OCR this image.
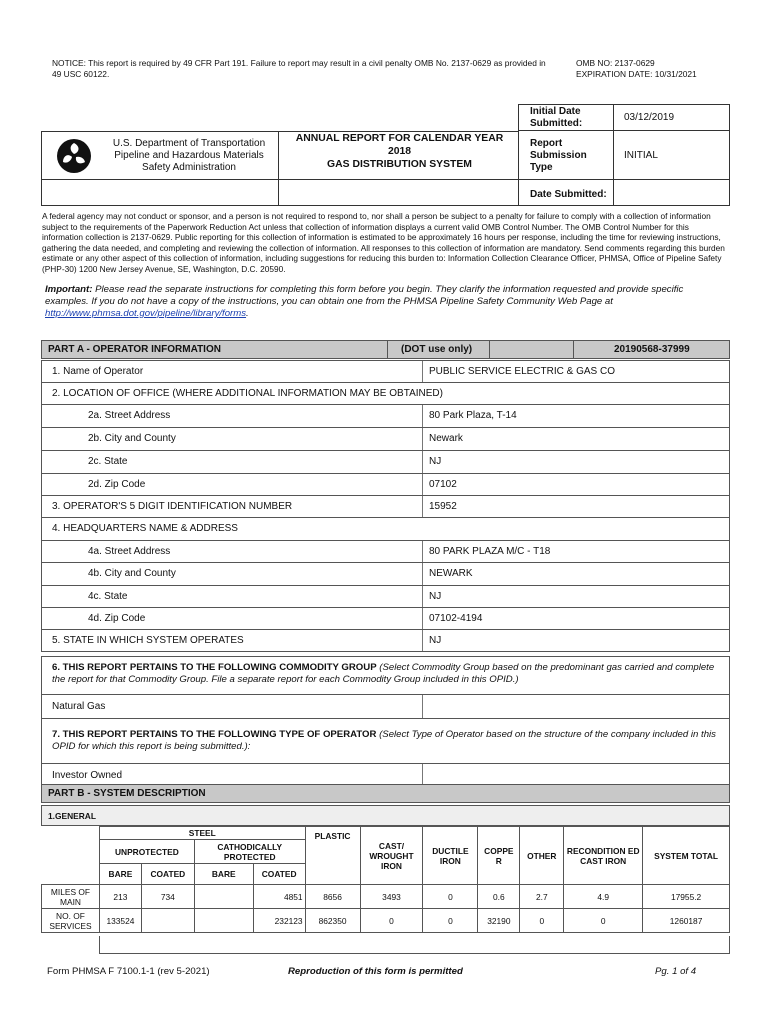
NOTICE: This report is required by 49 CFR Part 191. Failure to report may result in a civil penalty OMB No. 2137-0629 as provided in 49 USC 60122.
OMB NO: 2137-0629
EXPIRATION DATE: 10/31/2021
U.S. Department of Transportation
Pipeline and Hazardous Materials
Safety Administration
ANNUAL REPORT FOR CALENDAR YEAR
2018
GAS DISTRIBUTION SYSTEM
Initial Date Submitted:
03/12/2019
Report Submission Type
INITIAL
Date Submitted:
A federal agency may not conduct or sponsor, and a person is not required to respond to, nor shall a person be subject to a penalty for failure to comply with a collection of information subject to the requirements of the Paperwork Reduction Act unless that collection of information displays a current valid OMB Control Number. The OMB Control Number for this information collection is 2137-0629. Public reporting for this collection of information is estimated to be approximately 16 hours per response, including the time for reviewing instructions, gathering the data needed, and completing and reviewing the collection of information. All responses to this collection of information are mandatory. Send comments regarding this burden estimate or any other aspect of this collection of information, including suggestions for reducing this burden to: Information Collection Clearance Officer, PHMSA, Office of Pipeline Safety (PHP-30) 1200 New Jersey Avenue, SE, Washington, D.C. 20590.
Important: Please read the separate instructions for completing this form before you begin. They clarify the information requested and provide specific examples. If you do not have a copy of the instructions, you can obtain one from the PHMSA Pipeline Safety Community Web Page at http://www.phmsa.dot.gov/pipeline/library/forms.
PART A - OPERATOR INFORMATION	(DOT use only)	20190568-37999
1. Name of Operator	PUBLIC SERVICE ELECTRIC & GAS CO
2. LOCATION OF OFFICE (WHERE ADDITIONAL INFORMATION MAY BE OBTAINED)
2a. Street Address	80 Park Plaza, T-14
2b. City and County	Newark
2c. State	NJ
2d. Zip Code	07102
3. OPERATOR'S 5 DIGIT IDENTIFICATION NUMBER	15952
4. HEADQUARTERS NAME & ADDRESS
4a. Street Address	80 PARK PLAZA M/C - T18
4b. City and County	NEWARK
4c. State	NJ
4d. Zip Code	07102-4194
5. STATE IN WHICH SYSTEM OPERATES	NJ
6. THIS REPORT PERTAINS TO THE FOLLOWING COMMODITY GROUP (Select Commodity Group based on the predominant gas carried and complete the report for that Commodity Group. File a separate report for each Commodity Group included in this OPID.)
Natural Gas
7. THIS REPORT PERTAINS TO THE FOLLOWING TYPE OF OPERATOR (Select Type of Operator based on the structure of the company included in this OPID for which this report is being submitted.):
Investor Owned
PART B - SYSTEM DESCRIPTION
1.GENERAL
	STEEL				PLASTIC	CAST/ WROUGHT IRON	DUCTILE IRON	COPPE R	OTHER	RECONDITION ED CAST IRON	SYSTEM TOTAL
	UNPROTECTED		CATHODICALLY PROTECTED								
	BARE	COATED	BARE	COATED							
MILES OF MAIN	213	734		4851	8656	3493	0	0.6	2.7	4.9	17955.2
NO. OF SERVICES	133524			232123	862350	0	0	32190	0	0	1260187
Form PHMSA F 7100.1-1 (rev 5-2021)	Reproduction of this form is permitted	Pg. 1 of 4
